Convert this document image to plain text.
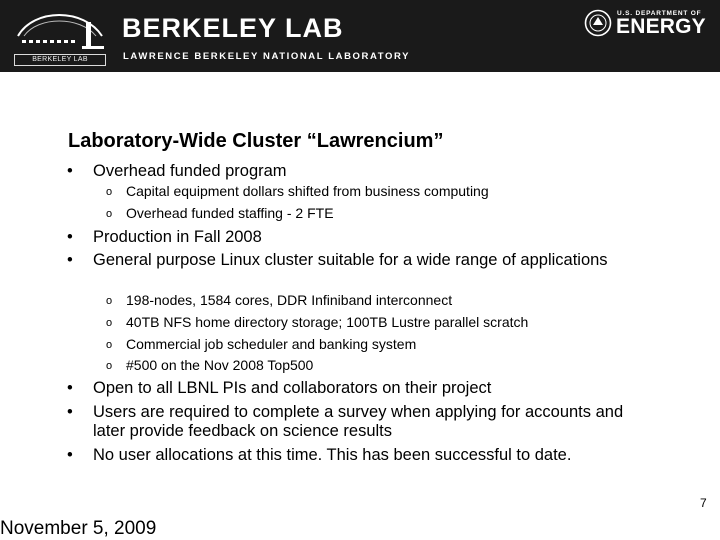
BERKELEY LAB
BERKELEY LAB
LAWRENCE BERKELEY NATIONAL LABORATORY
U.S. DEPARTMENT OF
ENERGY
Laboratory-Wide Cluster “Lawrencium”
•	Overhead funded program
o Capital equipment dollars shifted from business computing
o Overhead funded staffing - 2 FTE
•	Production in Fall 2008
•	General purpose Linux cluster suitable for a wide range of applications
o 198-nodes, 1584 cores, DDR Infiniband interconnect
o 40TB NFS home directory storage; 100TB Lustre parallel scratch
o Commercial job scheduler and banking system
o #500 on the Nov 2008 Top500
•	Open to all LBNL PIs and collaborators on their project
•	Users are required to complete a survey when applying for accounts and later provide feedback on science results
•	No user allocations at this time. This has been successful to date.
7
November 5, 2009
